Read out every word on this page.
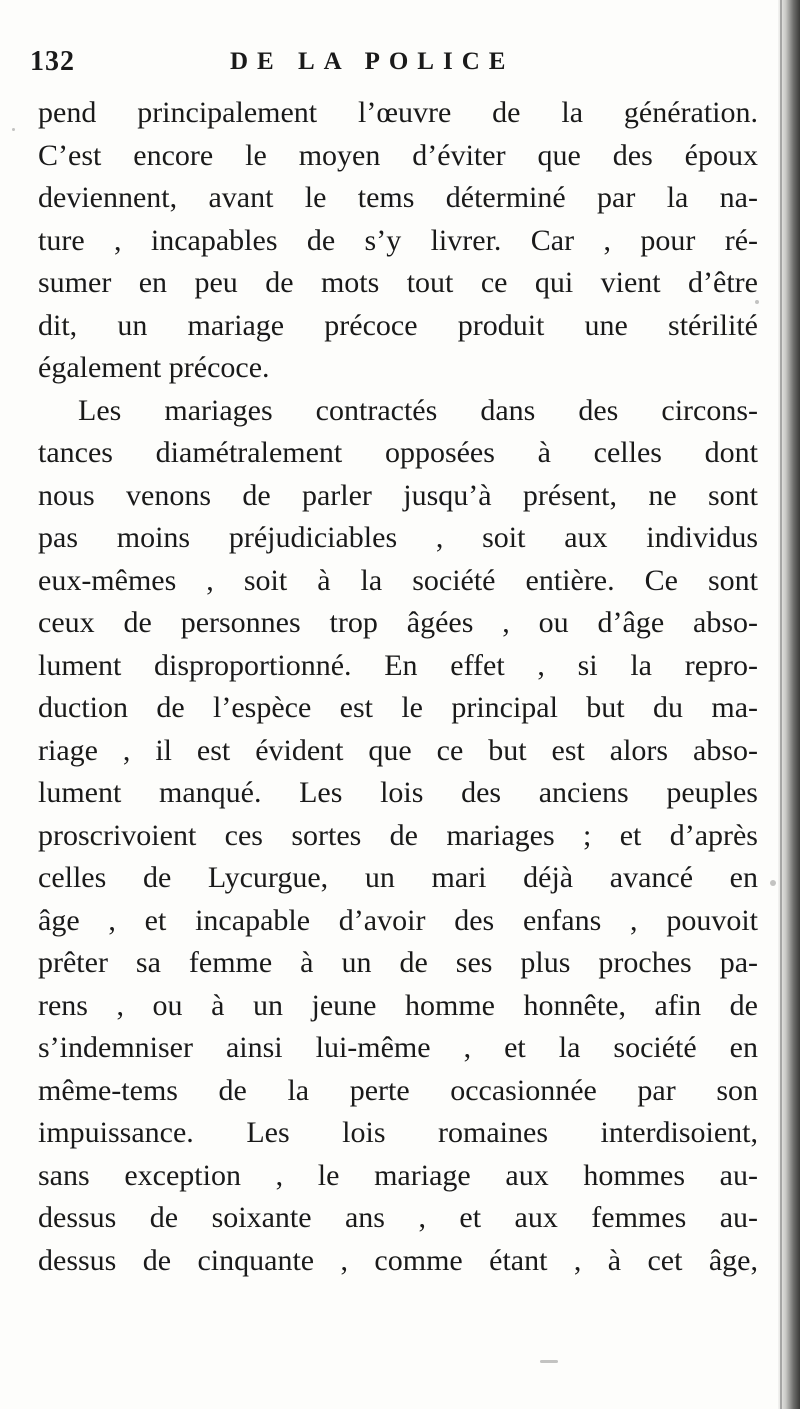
132	DE LA POLICE
pend principalement l’œuvre de la génération.
C’est encore le moyen d’éviter que des époux
deviennent, avant le tems déterminé par la na-
ture , incapables de s’y livrer. Car , pour ré-
sumer en peu de mots tout ce qui vient d’être
dit, un mariage précoce produit une stérilité
également précoce.
Les mariages contractés dans des circons-
tances diamétralement opposées à celles dont
nous venons de parler jusqu’à présent, ne sont
pas moins préjudiciables , soit aux individus
eux-mêmes , soit à la société entière. Ce sont
ceux de personnes trop âgées , ou d’âge abso-
lument disproportionné. En effet , si la repro-
duction de l’espèce est le principal but du ma-
riage , il est évident que ce but est alors abso-
lument manqué. Les lois des anciens peuples
proscrivoient ces sortes de mariages ; et d’après
celles de Lycurgue, un mari déjà avancé en
âge , et incapable d’avoir des enfans , pouvoit
prêter sa femme à un de ses plus proches pa-
rens , ou à un jeune homme honnête, afin de
s’indemniser ainsi lui-même , et la société en
même-tems de la perte occasionnée par son
impuissance. Les lois romaines interdisoient,
sans exception , le mariage aux hommes au-
dessus de soixante ans , et aux femmes au-
dessus de cinquante , comme étant , à cet âge,
